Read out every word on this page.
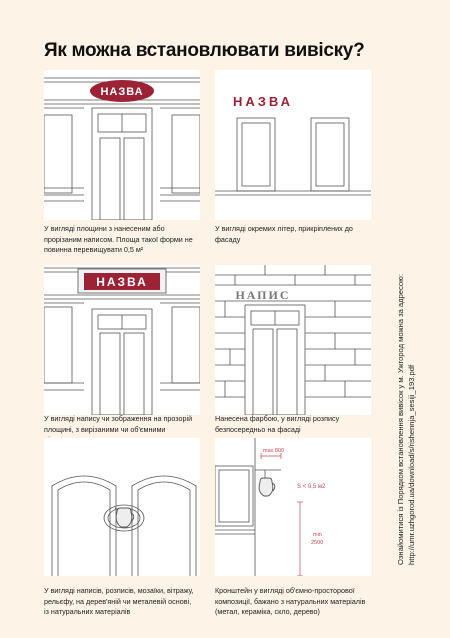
Як можна встановлювати вивіску?
НАЗВА
У вигляді площини з нанесеним або прорізаним написом. Площа такої форми не повинна перевищувати 0,5 м²
НАЗВА
У вигляді окремих літер, прикріплених до фасаду
НАЗВА
У вигляді напису чи зображення на прозорій площині, з вирізаними чи об'ємними
НАПИС
Нанесена фарбою, у вигляді розпису безпосередньо на фасаді
У вигляді написів, розписів, мозаїки, вітражу, рельєфу, на дерев'яній чи металевій основі, із натуральних матеріалів
max 800
S < 0,5 м2
min
2500
Кронштейн у вигляді об'ємно-просторової композиції, бажано з натуральних матеріалів (метал, кераміка, скло, дерево)
Ознайомитися із Порядком встановлення вивісок у м. Ужгород можна за адресою: http://umr.uzhgorod.ua/download/s/rishennja_sesiji_193.pdf
